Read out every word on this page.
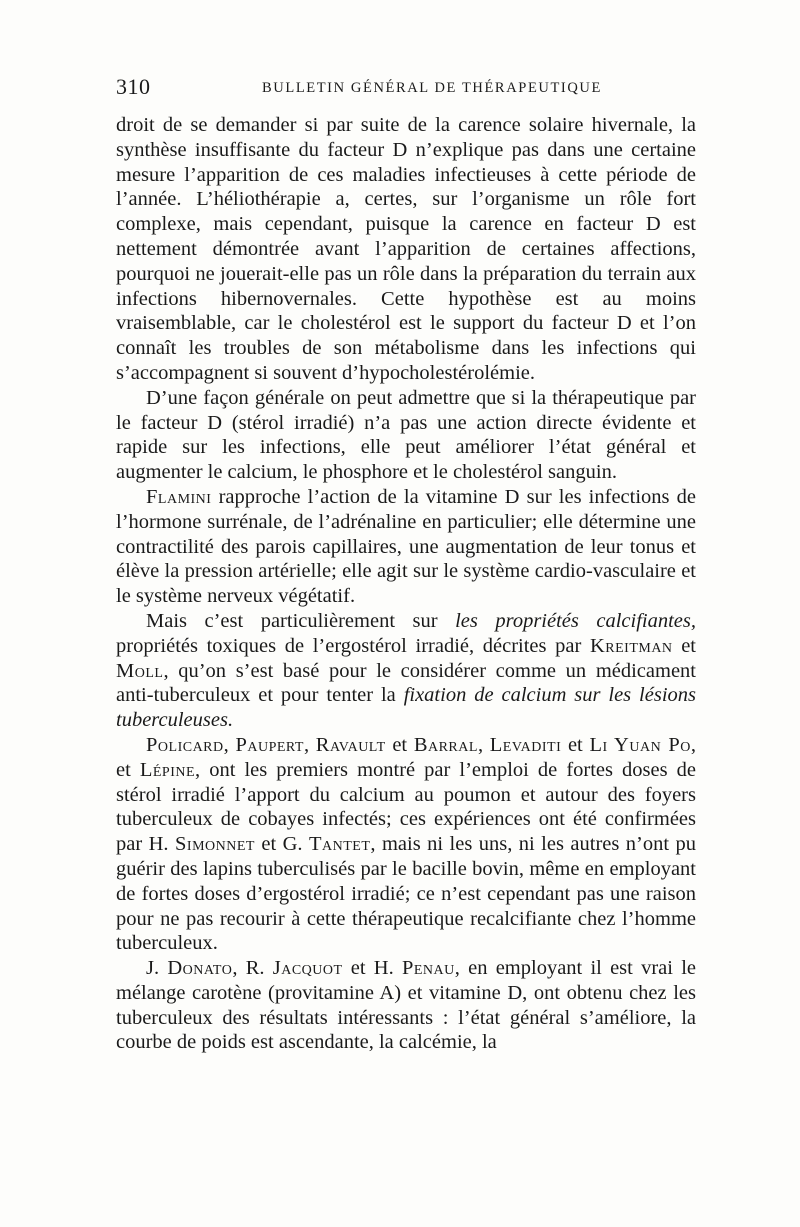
310	BULLETIN GÉNÉRAL DE THÉRAPEUTIQUE

droit de se demander si par suite de la carence solaire hivernale, la synthèse insuffisante du facteur D n’explique pas dans une certaine mesure l’apparition de ces maladies infectieuses à cette période de l’année. L’héliothérapie a, certes, sur l’organisme un rôle fort complexe, mais cependant, puisque la carence en facteur D est nettement démontrée avant l’apparition de certaines affections, pourquoi ne jouerait-elle pas un rôle dans la préparation du terrain aux infections hibernovernales. Cette hypothèse est au moins vraisemblable, car le cholestérol est le support du facteur D et l’on connaît les troubles de son métabolisme dans les infections qui s’accompagnent si souvent d’hypocholestérolémie.

D’une façon générale on peut admettre que si la thérapeutique par le facteur D (stérol irradié) n’a pas une action directe évidente et rapide sur les infections, elle peut améliorer l’état général et augmenter le calcium, le phosphore et le cholestérol sanguin.

Flamini rapproche l’action de la vitamine D sur les infections de l’hormone surrénale, de l’adrénaline en particulier; elle détermine une contractilité des parois capillaires, une augmentation de leur tonus et élève la pression artérielle; elle agit sur le système cardio-vasculaire et le système nerveux végétatif.

Mais c’est particulièrement sur les propriétés calcifiantes, propriétés toxiques de l’ergostérol irradié, décrites par Kreitman et Moll, qu’on s’est basé pour le considérer comme un médicament anti-tuberculeux et pour tenter la fixation de calcium sur les lésions tuberculeuses.

Policard, Paupert, Ravault et Barral, Levaditi et Li Yuan Po, et Lépine, ont les premiers montré par l’emploi de fortes doses de stérol irradié l’apport du calcium au poumon et autour des foyers tuberculeux de cobayes infectés; ces expériences ont été confirmées par H. Simonnet et G. Tantet, mais ni les uns, ni les autres n’ont pu guérir des lapins tuberculisés par le bacille bovin, même en employant de fortes doses d’ergostérol irradié; ce n’est cependant pas une raison pour ne pas recourir à cette thérapeutique recalcifiante chez l’homme tuberculeux.

J. Donato, R. Jacquot et H. Penau, en employant il est vrai le mélange carotène (provitamine A) et vitamine D, ont obtenu chez les tuberculeux des résultats intéressants : l’état général s’améliore, la courbe de poids est ascendante, la calcémie, la
